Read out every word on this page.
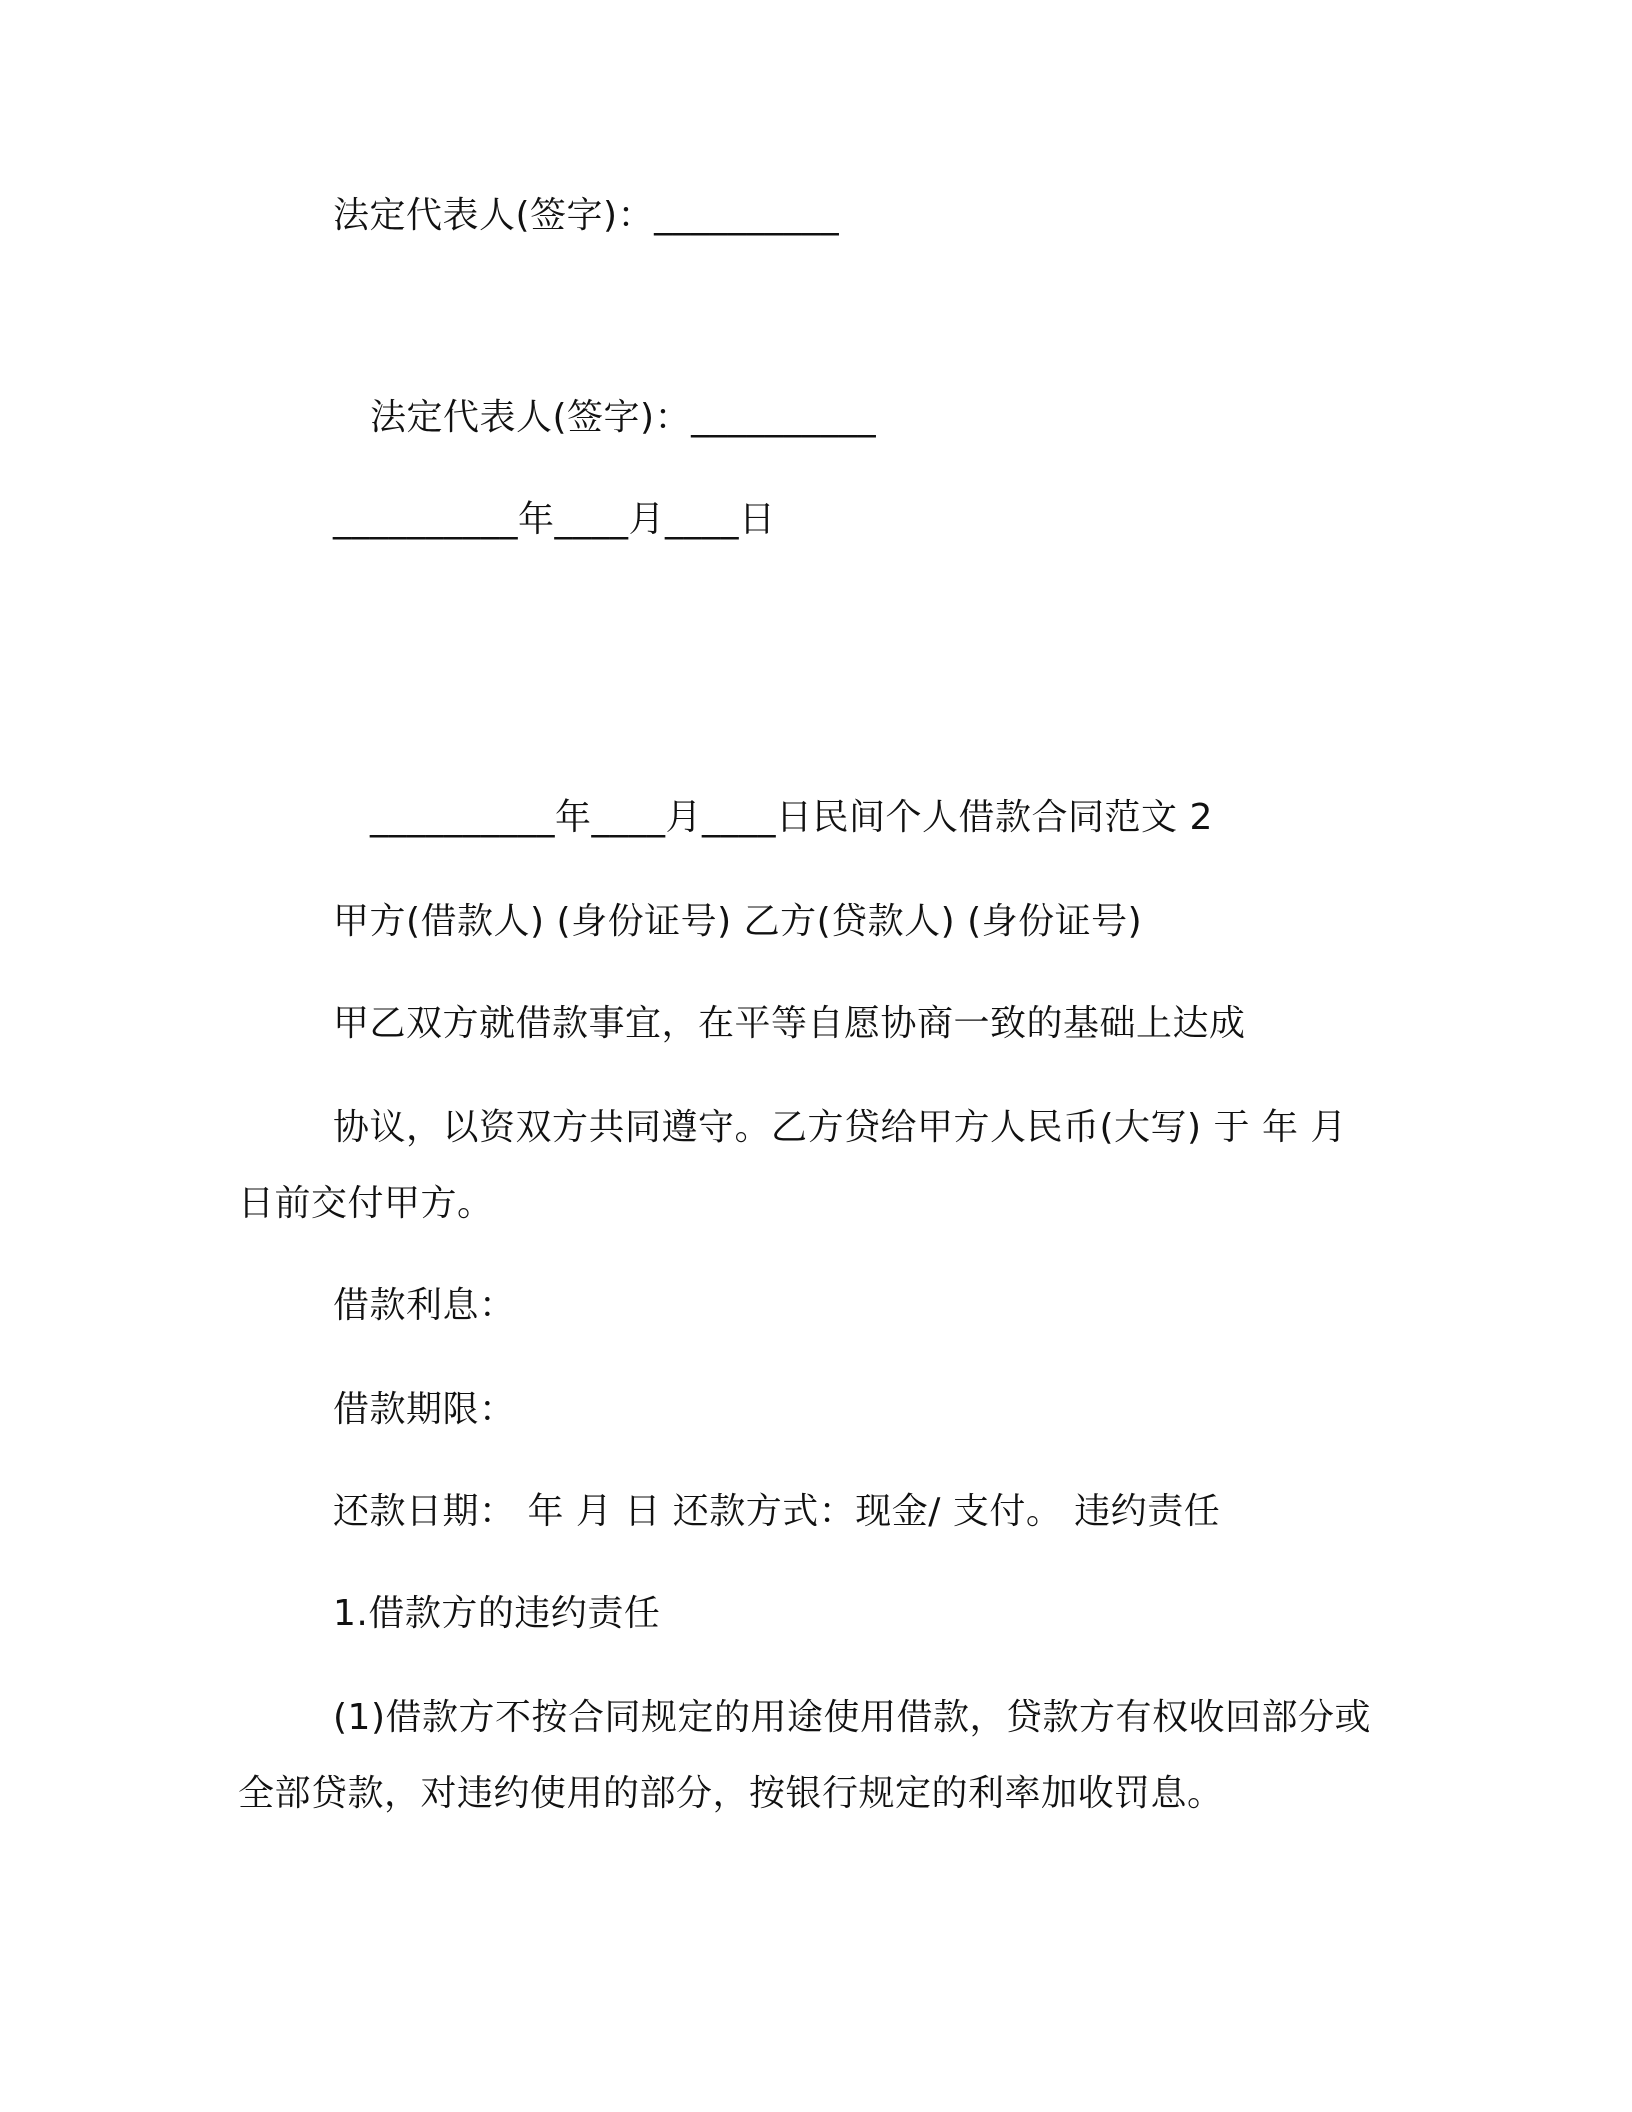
法定代表人(签字)：__________
法定代表人(签字)：__________
__________年____月____日
__________年____月____日民间个人借款合同范文 2
甲方(借款人) (身份证号) 乙方(贷款人) (身份证号)
甲乙双方就借款事宜，在平等自愿协商一致的基础上达成
协议，以资双方共同遵守。乙方贷给甲方人民币(大写) 于 年 月
日前交付甲方。
借款利息：
借款期限：
还款日期： 年 月 日 还款方式：现金/ 支付。 违约责任
1.借款方的违约责任
(1)借款方不按合同规定的用途使用借款，贷款方有权收回部分或
全部贷款，对违约使用的部分，按银行规定的利率加收罚息。
